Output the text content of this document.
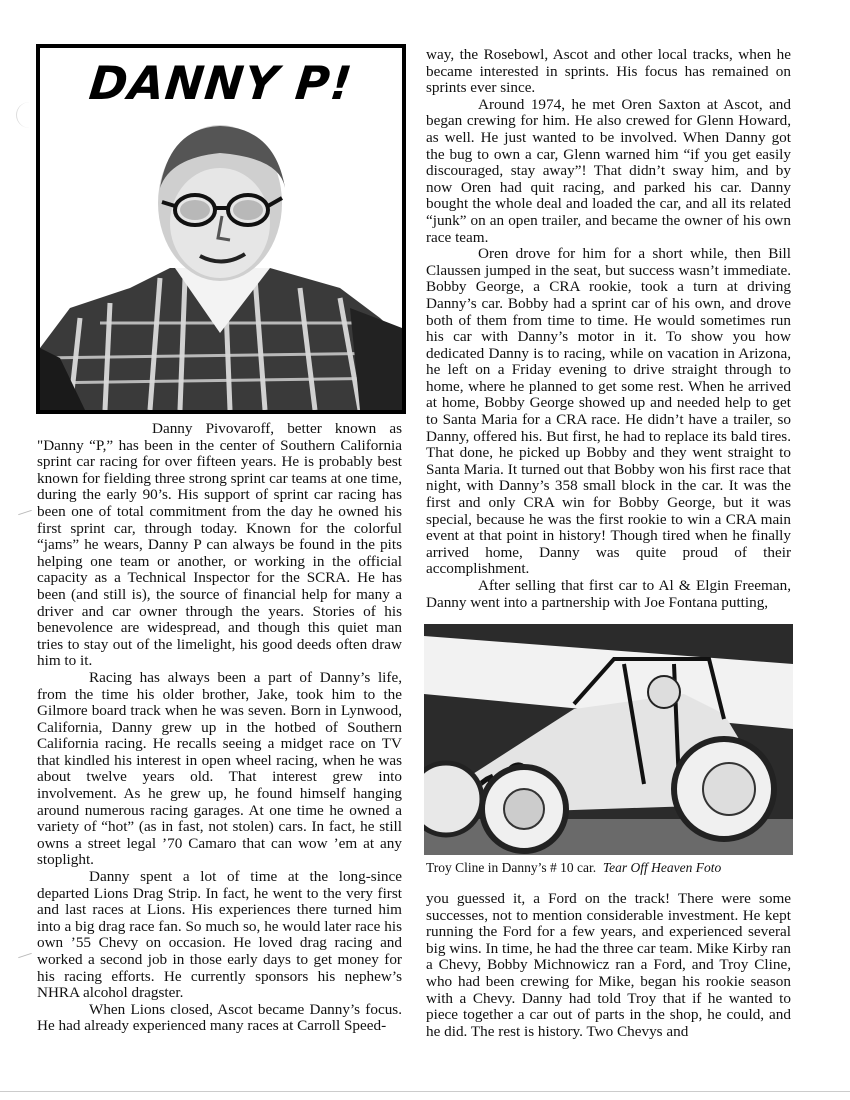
DANNY P!

Danny Pivovaroff, better known as "Danny “P,” has been in the center of Southern California sprint car racing for over fifteen years. He is probably best known for fielding three strong sprint car teams at one time, during the early 90’s. His support of sprint car racing has been one of total commitment from the day he owned his first sprint car, through today. Known for the colorful “jams” he wears, Danny P can always be found in the pits helping one team or another, or working in the official capacity as a Technical Inspector for the SCRA. He has been (and still is), the source of financial help for many a driver and car owner through the years. Stories of his benevolence are widespread, and though this quiet man tries to stay out of the limelight, his good deeds often draw him to it.

Racing has always been a part of Danny’s life, from the time his older brother, Jake, took him to the Gilmore board track when he was seven. Born in Lynwood, California, Danny grew up in the hotbed of Southern California racing. He recalls seeing a midget race on TV that kindled his interest in open wheel racing, when he was about twelve years old. That interest grew into involvement. As he grew up, he found himself hanging around numerous racing garages. At one time he owned a variety of “hot” (as in fast, not stolen) cars. In fact, he still owns a street legal ’70 Camaro that can wow ’em at any stoplight.

Danny spent a lot of time at the long-since departed Lions Drag Strip. In fact, he went to the very first and last races at Lions. His experiences there turned him into a big drag race fan. So much so, he would later race his own ’55 Chevy on occasion. He loved drag racing and worked a second job in those early days to get money for his racing efforts. He currently sponsors his nephew’s NHRA alcohol dragster.

When Lions closed, Ascot became Danny’s focus. He had already experienced many races at Carroll Speed-

way, the Rosebowl, Ascot and other local tracks, when he became interested in sprints. His focus has remained on sprints ever since.

Around 1974, he met Oren Saxton at Ascot, and began crewing for him. He also crewed for Glenn Howard, as well. He just wanted to be involved. When Danny got the bug to own a car, Glenn warned him “if you get easily discouraged, stay away”! That didn’t sway him, and by now Oren had quit racing, and parked his car. Danny bought the whole deal and loaded the car, and all its related “junk” on an open trailer, and became the owner of his own race team.

Oren drove for him for a short while, then Bill Claussen jumped in the seat, but success wasn’t immediate. Bobby George, a CRA rookie, took a turn at driving Danny’s car. Bobby had a sprint car of his own, and drove both of them from time to time. He would sometimes run his car with Danny’s motor in it. To show you how dedicated Danny is to racing, while on vacation in Arizona, he left on a Friday evening to drive straight through to home, where he planned to get some rest. When he arrived at home, Bobby George showed up and needed help to get to Santa Maria for a CRA race. He didn’t have a trailer, so Danny, offered his. But first, he had to replace its bald tires. That done, he picked up Bobby and they went straight to Santa Maria. It turned out that Bobby won his first race that night, with Danny’s 358 small block in the car. It was the first and only CRA win for Bobby George, but it was special, because he was the first rookie to win a CRA main event at that point in history! Though tired when he finally arrived home, Danny was quite proud of their accomplishment.

After selling that first car to Al & Elgin Freeman, Danny went into a partnership with Joe Fontana putting,

Troy Cline in Danny’s # 10 car. Tear Off Heaven Foto

you guessed it, a Ford on the track! There were some successes, not to mention considerable investment. He kept running the Ford for a few years, and experienced several big wins. In time, he had the three car team. Mike Kirby ran a Chevy, Bobby Michnowicz ran a Ford, and Troy Cline, who had been crewing for Mike, began his rookie season with a Chevy. Danny had told Troy that if he wanted to piece together a car out of parts in the shop, he could, and he did. The rest is history. Two Chevys and
